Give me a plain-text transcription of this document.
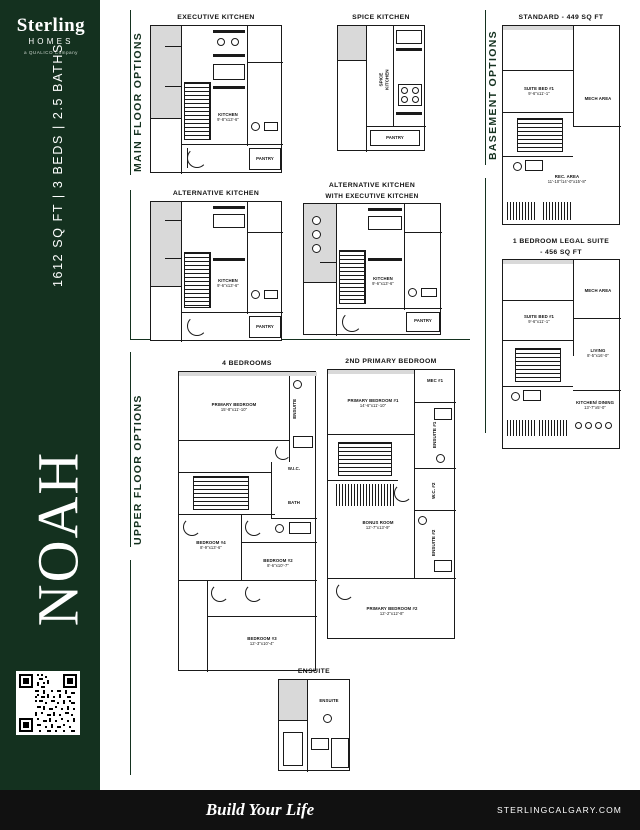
Sterling
HOMES
a QUALICO Company
1612 SQ FT | 3 BEDS | 2.5 BATHS
NOAH
MAIN FLOOR OPTIONS
UPPER FLOOR OPTIONS
BASEMENT OPTIONS
EXECUTIVE KITCHEN
KITCHEN
9'-8"x13'-6"
PANTRY
SPICE KITCHEN
SPICE
KITCHEN
PANTRY
ALTERNATIVE KITCHEN
KITCHEN
9'-6"x13'-6"
PANTRY
ALTERNATIVE KITCHEN
WITH EXECUTIVE KITCHEN
KITCHEN
9'-6"x13'-6"
PANTRY
4 BEDROOMS
PRIMARY BEDROOM
15'-8"x11'-10"	ENSUITE
W.I.C.
BATH
BEDROOM #4
8'-9"x13'-6"
BEDROOM #2
8'-6"x10'-7"
BEDROOM #3
12'-3"x10'-4"
2ND PRIMARY BEDROOM
MEC #1
PRIMARY BEDROOM #1
14'-6"x11'-10"
ENSUITE #1
BONUS ROOM
12'-7"x13'-9"
W.C. #2
ENSUITE #2
PRIMARY BEDROOM #2
12'-2"x12'-8"
ENSUITE
ENSUITE
STANDARD - 449 SQ FT
SUITE BED #1
9'-6"x11'-1"
MECH AREA
REC. AREA
11'-10"/14'-0"x15'-8"
1 BEDROOM LEGAL SUITE
- 456 SQ FT
SUITE BED #1
9'-6"x11'-1"
MECH AREA
LIVING
8'-5"x16'-0"
KITCHEN/ DINING
13'-7"x5'-0"
Build Your Life	STERLINGCALGARY.COM
